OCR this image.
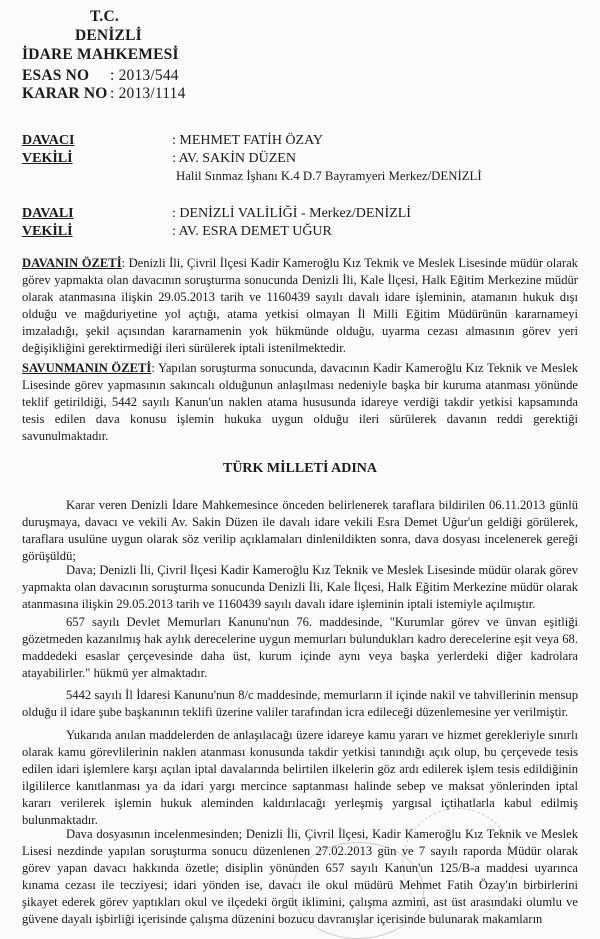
T.C.
DENİZLİ
İDARE MAHKEMESİ
ESAS NO : 2013/544
KARAR NO : 2013/1114
DAVACI	: MEHMET FATİH ÖZAY
VEKİLİ	: AV. SAKİN DÜZEN
Halil Sınmaz İşhanı K.4 D.7 Bayramyeri Merkez/DENİZLİ
DAVALI	: DENİZLİ VALİLİĞİ - Merkez/DENİZLİ
VEKİLİ	: AV. ESRA DEMET UĞUR
DAVANIN ÖZETİ: Denizli İli, Çivril İlçesi Kadir Kameroğlu Kız Teknik ve Meslek Lisesinde müdür olarak görev yapmakta olan davacının soruşturma sonucunda Denizli İli, Kale İlçesi, Halk Eğitim Merkezine müdür olarak atanmasına ilişkin 29.05.2013 tarih ve 1160439 sayılı davalı idare işleminin, atamanın hukuk dışı olduğu ve mağduriyetine yol açtığı, atama yetkisi olmayan İl Milli Eğitim Müdürünün kararnameyi imzaladığı, şekil açısından kararnamenin yok hükmünde olduğu, uyarma cezası almasının görev yeri değişikliğini gerektirmediği ileri sürülerek iptali istenilmektedir.
SAVUNMANIN ÖZETİ: Yapılan soruşturma sonucunda, davacının Kadir Kameroğlu Kız Teknik ve Meslek Lisesinde görev yapmasının sakıncalı olduğunun anlaşılması nedeniyle başka bir kuruma atanması yönünde teklif getirildiği, 5442 sayılı Kanun'un naklen atama hususunda idareye verdiği takdir yetkisi kapsamında tesis edilen dava konusu işlemin hukuka uygun olduğu ileri sürülerek davanın reddi gerektiği savunulmaktadır.
TÜRK MİLLETİ ADINA
Karar veren Denizli İdare Mahkemesince önceden belirlenerek taraflara bildirilen 06.11.2013 günlü duruşmaya, davacı ve vekili Av. Sakin Düzen ile davalı idare vekili Esra Demet Uğur'un geldiği görülerek, taraflara usulüne uygun olarak söz verilip açıklamaları dinlenildikten sonra, dava dosyası incelenerek gereği görüşüldü;
Dava; Denizli İli, Çivril İlçesi Kadir Kameroğlu Kız Teknik ve Meslek Lisesinde müdür olarak görev yapmakta olan davacının soruşturma sonucunda Denizli İli, Kale İlçesi, Halk Eğitim Merkezine müdür olarak atanmasına ilişkin 29.05.2013 tarih ve 1160439 sayılı davalı idare işleminin iptali istemiyle açılmıştır.
657 sayılı Devlet Memurları Kanunu'nun 76. maddesinde, "Kurumlar görev ve ünvan eşitliği gözetmeden kazanılmış hak aylık derecelerine uygun memurları bulundukları kadro derecelerine eşit veya 68. maddedeki esaslar çerçevesinde daha üst, kurum içinde aynı veya başka yerlerdeki diğer kadrolara atayabilirler." hükmü yer almaktadır.
5442 sayılı İl İdaresi Kanunu'nun 8/c maddesinde, memurların il içinde nakil ve tahvillerinin mensup olduğu il idare şube başkanının teklifi üzerine valiler tarafından icra edileceği düzenlemesine yer verilmiştir.
Yukarıda anılan maddelerden de anlaşılacağı üzere idareye kamu yararı ve hizmet gerekleriyle sınırlı olarak kamu görevlilerinin naklen atanması konusunda takdir yetkisi tanındığı açık olup, bu çerçevede tesis edilen idari işlemlere karşı açılan iptal davalarında belirtilen ilkelerin göz ardı edilerek işlem tesis edildiğinin ilgililerce kanıtlanması ya da idari yargı mercince saptanması halinde sebep ve maksat yönlerinden iptal kararı verilerek işlemin hukuk aleminden kaldırılacağı yerleşmiş yargısal içtihatlarla kabul edilmiş bulunmaktadır.
Dava dosyasının incelenmesinden; Denizli İli, Çivril İlçesi, Kadir Kameroğlu Kız Teknik ve Meslek Lisesi nezdinde yapılan soruşturma sonucu düzenlenen 27.02.2013 gün ve 7 sayılı raporda Müdür olarak görev yapan davacı hakkında özetle; disiplin yönünden 657 sayılı Kanun'un 125/B-a maddesi uyarınca kınama cezası ile tecziyesi; idari yönden ise, davacı ile okul müdürü Mehmet Fatih Özay'ın birbirlerini şikayet ederek görev yaptıkları okul ve ilçedeki örgüt iklimini, çalışma azmini, ast üst arasındaki olumlu ve güvene dayalı işbirliği içerisinde çalışma düzenini bozucu davranışlar içerisinde bulunarak makamların
